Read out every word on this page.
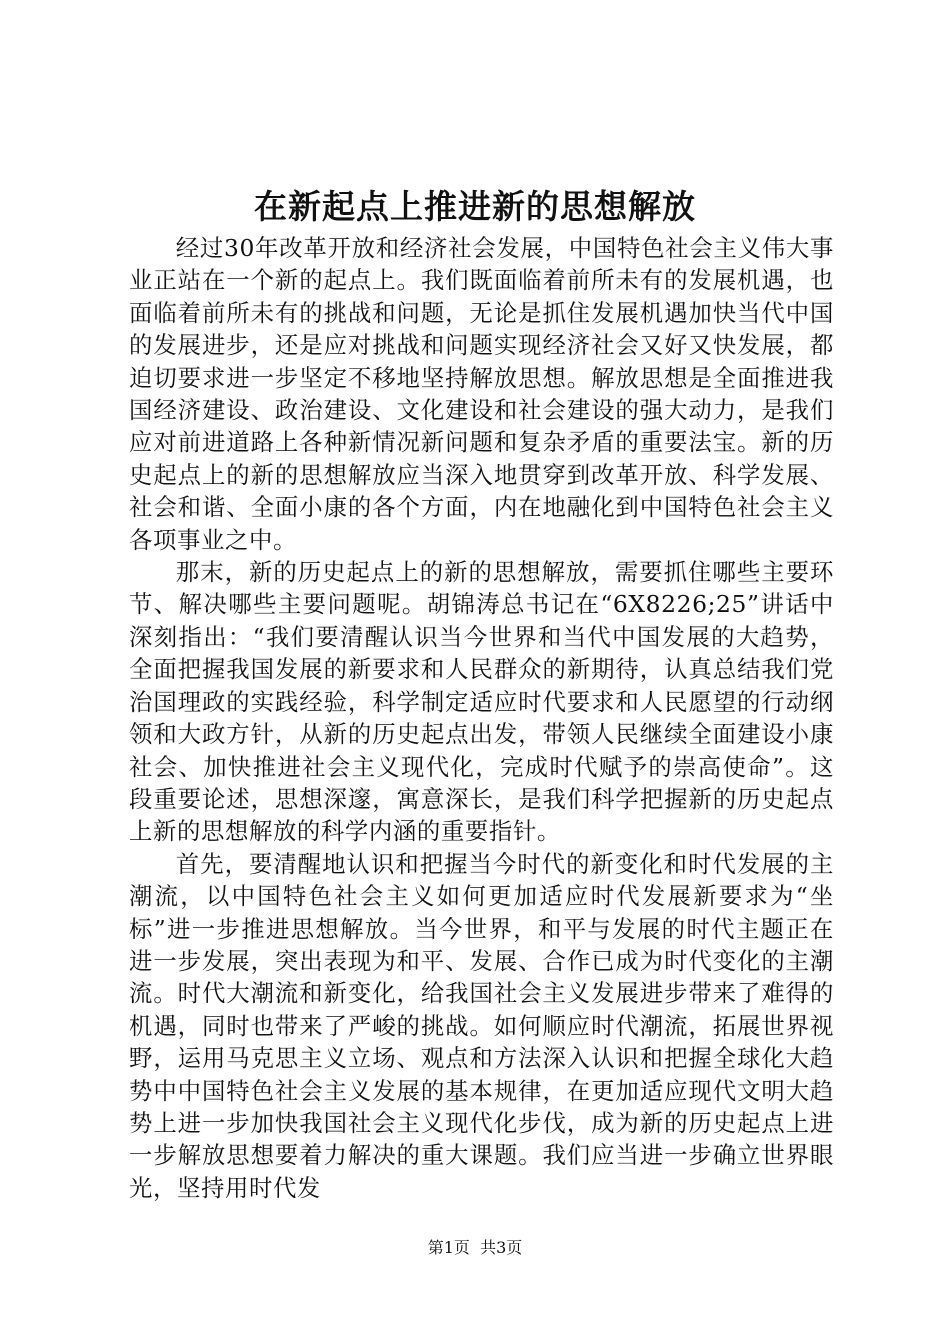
在新起点上推进新的思想解放

经过30年改革开放和经济社会发展，中国特色社会主义伟大事业正站在一个新的起点上。我们既面临着前所未有的发展机遇，也面临着前所未有的挑战和问题，无论是抓住发展机遇加快当代中国的发展进步，还是应对挑战和问题实现经济社会又好又快发展，都迫切要求进一步坚定不移地坚持解放思想。解放思想是全面推进我国经济建设、政治建设、文化建设和社会建设的强大动力，是我们应对前进道路上各种新情况新问题和复杂矛盾的重要法宝。新的历史起点上的新的思想解放应当深入地贯穿到改革开放、科学发展、社会和谐、全面小康的各个方面，内在地融化到中国特色社会主义各项事业之中。

那末，新的历史起点上的新的思想解放，需要抓住哪些主要环节、解决哪些主要问题呢。胡锦涛总书记在“6X8226;25”讲话中深刻指出：“我们要清醒认识当今世界和当代中国发展的大趋势，全面把握我国发展的新要求和人民群众的新期待，认真总结我们党治国理政的实践经验，科学制定适应时代要求和人民愿望的行动纲领和大政方针，从新的历史起点出发，带领人民继续全面建设小康社会、加快推进社会主义现代化，完成时代赋予的崇高使命”。这段重要论述，思想深邃，寓意深长，是我们科学把握新的历史起点上新的思想解放的科学内涵的重要指针。

首先，要清醒地认识和把握当今时代的新变化和时代发展的主潮流，以中国特色社会主义如何更加适应时代发展新要求为“坐标”进一步推进思想解放。当今世界，和平与发展的时代主题正在进一步发展，突出表现为和平、发展、合作已成为时代变化的主潮流。时代大潮流和新变化，给我国社会主义发展进步带来了难得的机遇，同时也带来了严峻的挑战。如何顺应时代潮流，拓展世界视野，运用马克思主义立场、观点和方法深入认识和把握全球化大趋势中中国特色社会主义发展的基本规律，在更加适应现代文明大趋势上进一步加快我国社会主义现代化步伐，成为新的历史起点上进一步解放思想要着力解决的重大课题。我们应当进一步确立世界眼光，坚持用时代发

第1页  共3页
